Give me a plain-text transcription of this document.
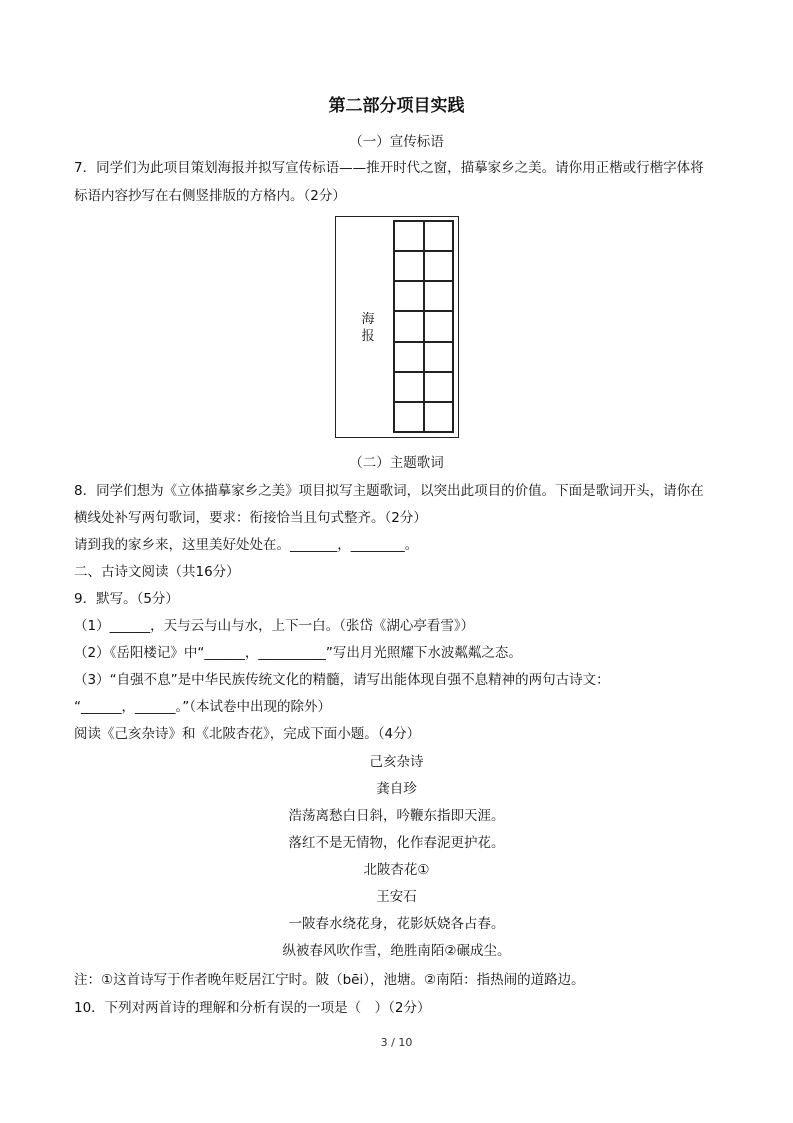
第二部分项目实践
（一）宣传标语
7．同学们为此项目策划海报并拟写宣传标语——推开时代之窗，描摹家乡之美。请你用正楷或行楷字体将
标语内容抄写在右侧竖排版的方格内。（2分）
海报
（二）主题歌词
8．同学们想为《立体描摹家乡之美》项目拟写主题歌词，以突出此项目的价值。下面是歌词开头，请你在
横线处补写两句歌词，要求：衔接恰当且句式整齐。（2分）
请到我的家乡来，这里美好处处在。_______，________。
二、古诗文阅读（共16分）
9．默写。（5分）
（1）______，天与云与山与水，上下一白。（张岱《湖心亭看雪》）
（2）《岳阳楼记》中“______，__________”写出月光照耀下水波粼粼之态。
（3）“自强不息”是中华民族传统文化的精髓，请写出能体现自强不息精神的两句古诗文：
“______，______。”（本试卷中出现的除外）
阅读《己亥杂诗》和《北陂杏花》，完成下面小题。（4分）
己亥杂诗
龚自珍
浩荡离愁白日斜，吟鞭东指即天涯。
落红不是无情物，化作春泥更护花。
北陂杏花①
王安石
一陂春水绕花身，花影妖娆各占春。
纵被春风吹作雪，绝胜南陌②碾成尘。
注：①这首诗写于作者晚年贬居江宁时。陂（bēi），池塘。②南陌：指热闹的道路边。
10．下列对两首诗的理解和分析有误的一项是（　）（2分）
3 / 10
